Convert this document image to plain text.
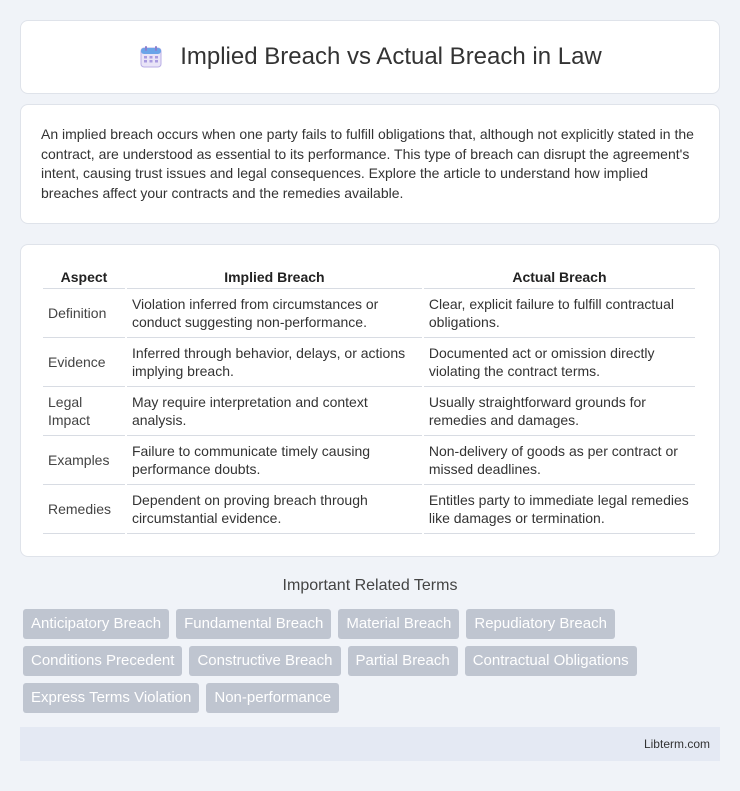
Implied Breach vs Actual Breach in Law

An implied breach occurs when one party fails to fulfill obligations that, although not explicitly stated in the contract, are understood as essential to its performance. This type of breach can disrupt the agreement's intent, causing trust issues and legal consequences. Explore the article to understand how implied breaches affect your contracts and the remedies available.

Aspect	Implied Breach	Actual Breach
Definition	Violation inferred from circumstances or conduct suggesting non-performance.	Clear, explicit failure to fulfill contractual obligations.
Evidence	Inferred through behavior, delays, or actions implying breach.	Documented act or omission directly violating the contract terms.
Legal Impact	May require interpretation and context analysis.	Usually straightforward grounds for remedies and damages.
Examples	Failure to communicate timely causing performance doubts.	Non-delivery of goods as per contract or missed deadlines.
Remedies	Dependent on proving breach through circumstantial evidence.	Entitles party to immediate legal remedies like damages or termination.
Important Related Terms
Anticipatory Breach	Fundamental Breach	Material Breach	Repudiatory Breach
Conditions Precedent	Constructive Breach	Partial Breach	Contractual Obligations
Express Terms Violation	Non-performance
Libterm.com
